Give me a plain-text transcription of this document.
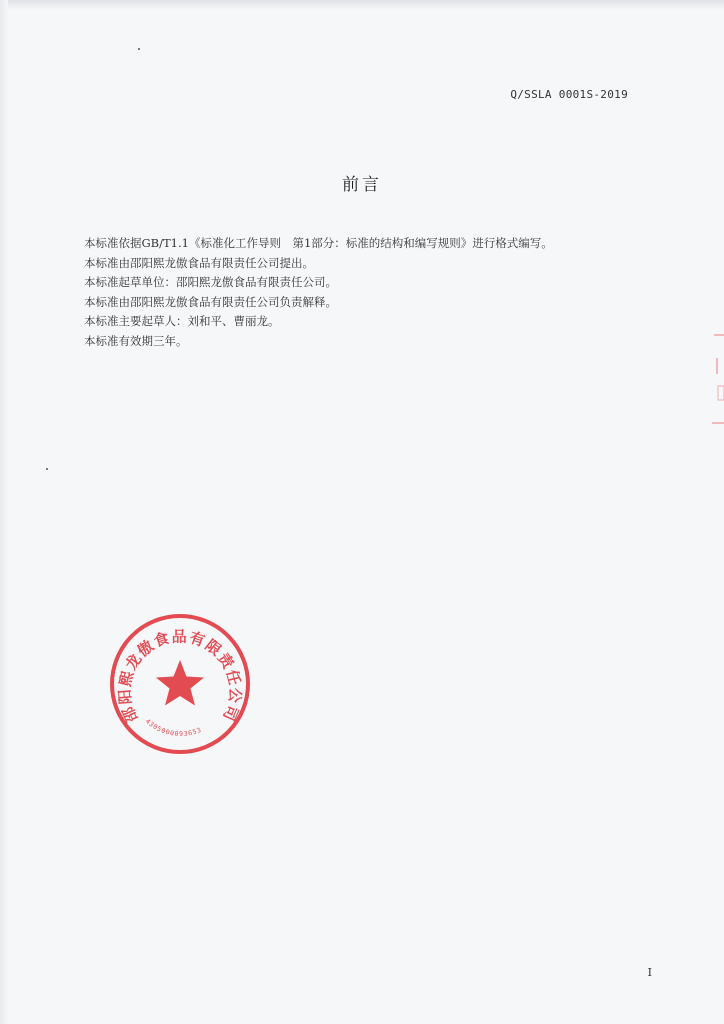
Q/SSLA 0001S-2019
前言
本标准依据GB/T1.1《标准化工作导则　第1部分：标准的结构和编写规则》进行格式编写。
本标准由邵阳熙龙傲食品有限责任公司提出。
本标准起草单位：邵阳熙龙傲食品有限责任公司。
本标准由邵阳熙龙傲食品有限责任公司负责解释。
本标准主要起草人：刘和平、曹丽龙。
本标准有效期三年。
邵阳熙龙傲食品有限责任公司
4305000093653
I
